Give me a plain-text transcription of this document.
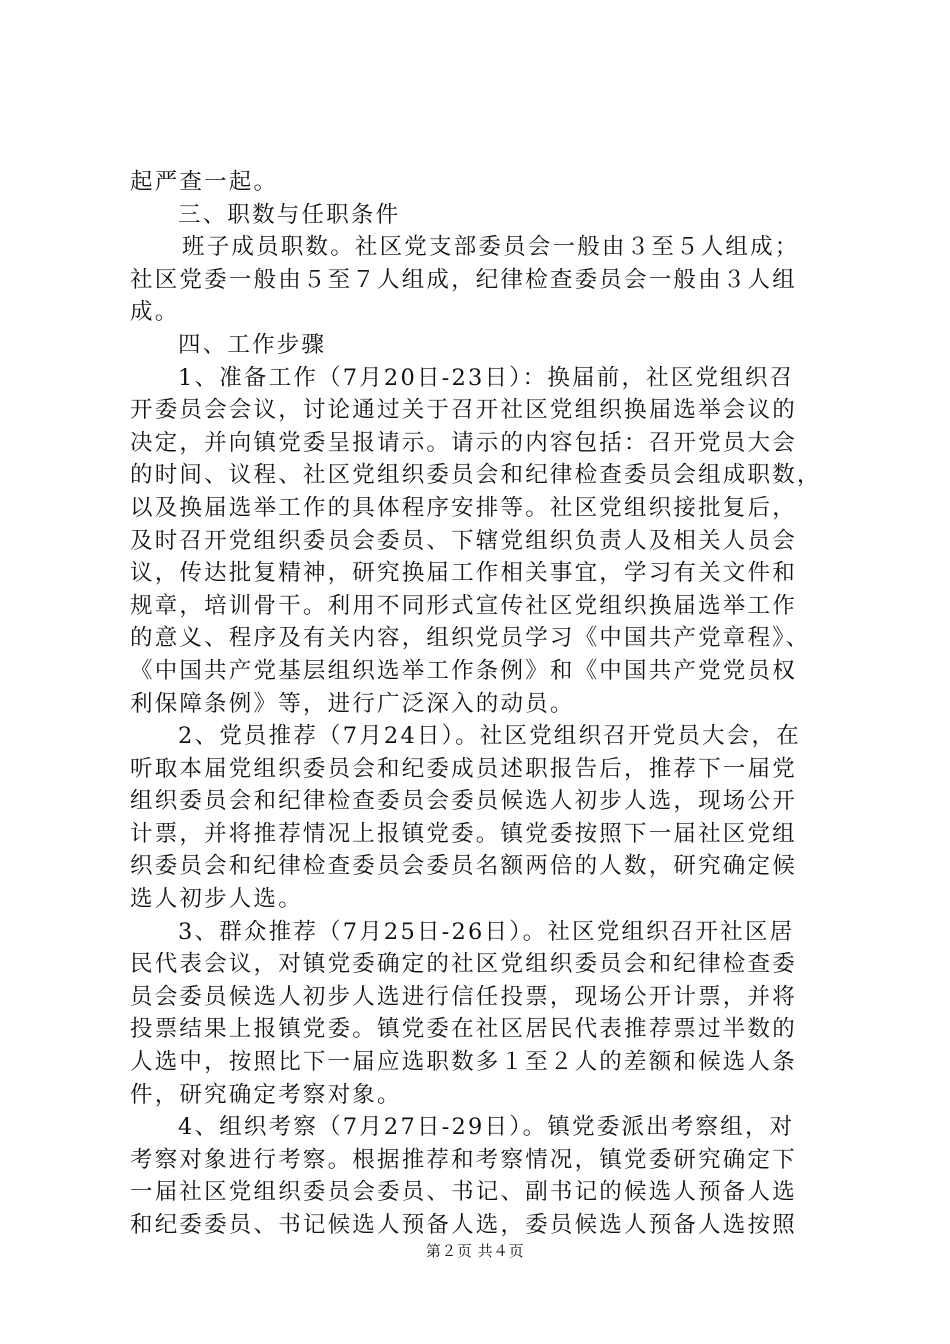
起严查一起。
三、职数与任职条件
班子成员职数。社区党支部委员会一般由３至５人组成；
社区党委一般由５至７人组成，纪律检查委员会一般由３人组
成。
四、工作步骤
1、准备工作（7月20日-23日）：换届前，社区党组织召
开委员会会议，讨论通过关于召开社区党组织换届选举会议的
决定，并向镇党委呈报请示。请示的内容包括：召开党员大会
的时间、议程、社区党组织委员会和纪律检查委员会组成职数，
以及换届选举工作的具体程序安排等。社区党组织接批复后，
及时召开党组织委员会委员、下辖党组织负责人及相关人员会
议，传达批复精神，研究换届工作相关事宜，学习有关文件和
规章，培训骨干。利用不同形式宣传社区党组织换届选举工作
的意义、程序及有关内容，组织党员学习《中国共产党章程》、
《中国共产党基层组织选举工作条例》和《中国共产党党员权
利保障条例》等，进行广泛深入的动员。
2、党员推荐（7月24日）。社区党组织召开党员大会，在
听取本届党组织委员会和纪委成员述职报告后，推荐下一届党
组织委员会和纪律检查委员会委员候选人初步人选，现场公开
计票，并将推荐情况上报镇党委。镇党委按照下一届社区党组
织委员会和纪律检查委员会委员名额两倍的人数，研究确定候
选人初步人选。
3、群众推荐（7月25日-26日）。社区党组织召开社区居
民代表会议，对镇党委确定的社区党组织委员会和纪律检查委
员会委员候选人初步人选进行信任投票，现场公开计票，并将
投票结果上报镇党委。镇党委在社区居民代表推荐票过半数的
人选中，按照比下一届应选职数多１至２人的差额和候选人条
件，研究确定考察对象。
4、组织考察（7月27日-29日）。镇党委派出考察组，对
考察对象进行考察。根据推荐和考察情况，镇党委研究确定下
一届社区党组织委员会委员、书记、副书记的候选人预备人选
和纪委委员、书记候选人预备人选，委员候选人预备人选按照
第２页 共４页
